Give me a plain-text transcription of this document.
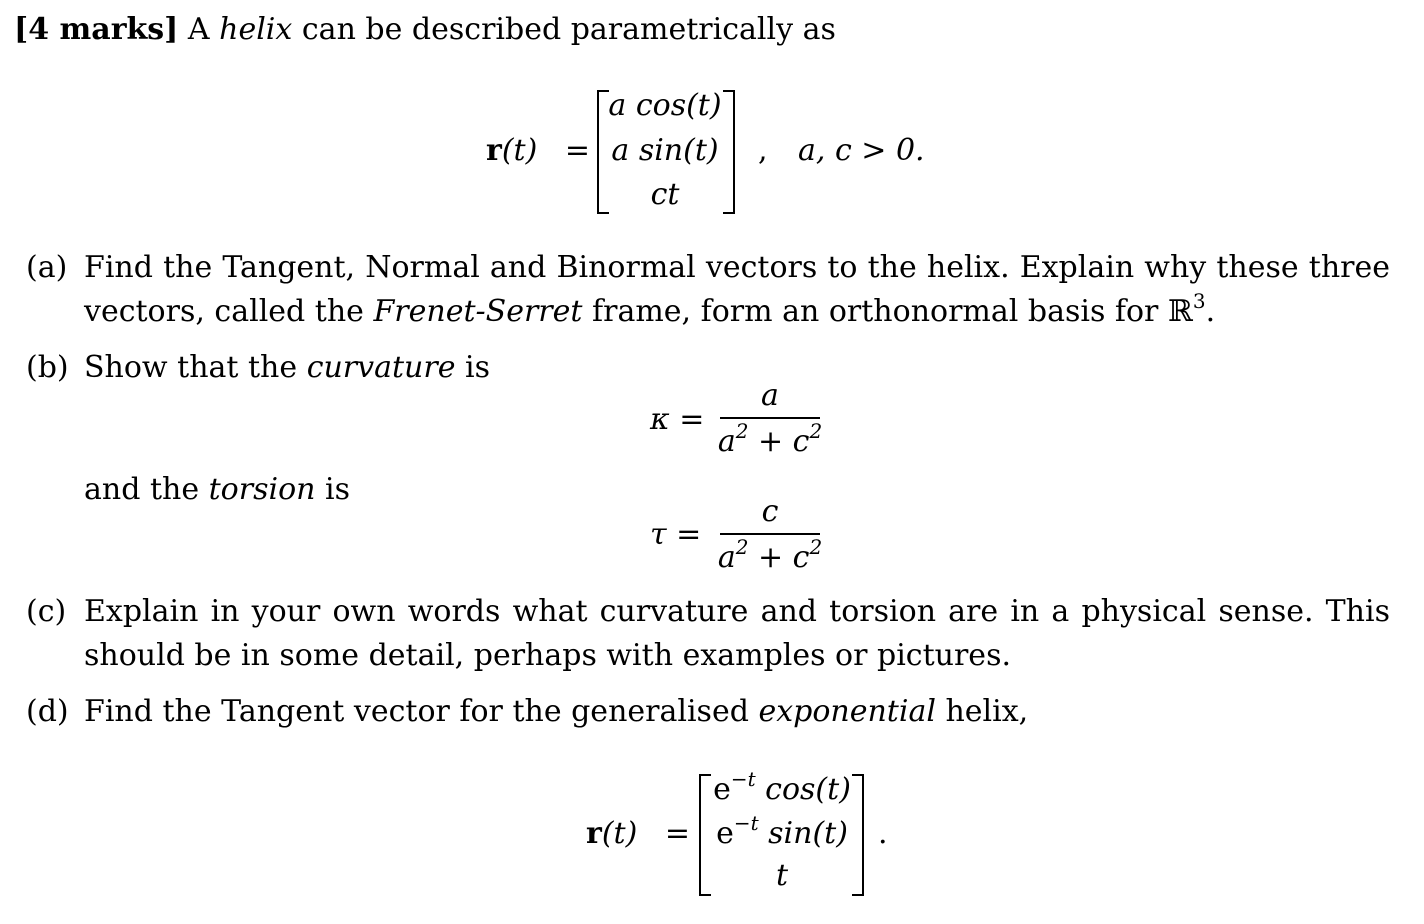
[4 marks] A helix can be described parametrically as
r(t) =
a cos(t)
a sin(t)
ct
, a, c > 0.
(a) Find the Tangent, Normal and Binormal vectors to the helix. Explain why these three
vectors, called the Frenet-Serret frame, form an orthonormal basis for ℝ$^3$.
(b) Show that the curvature is
κ =
a
$a^2 + c^2$
and the torsion is
τ =
c
$a^2 + c^2$
(c) Explain in your own words what curvature and torsion are in a physical sense. This
should be in some detail, perhaps with examples or pictures.
(d) Find the Tangent vector for the generalised exponential helix,
r(t) =
$e^{-t}$ cos(t)
$e^{-t}$ sin(t)
t
.
